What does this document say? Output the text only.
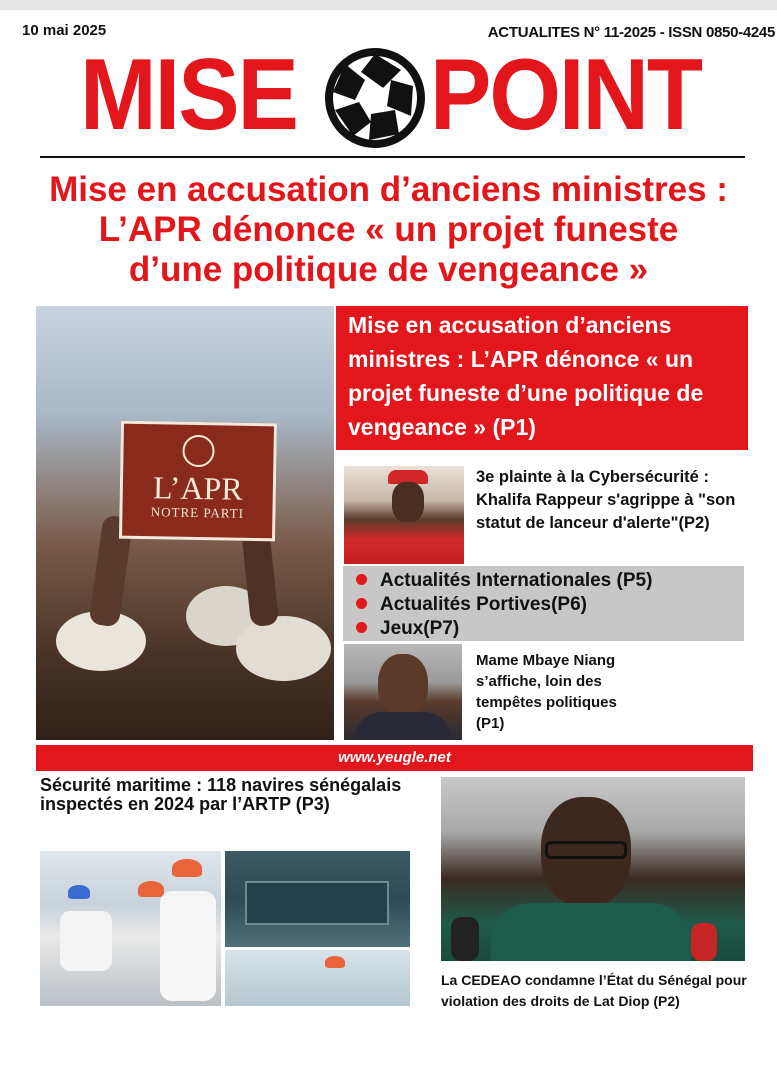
10 mai 2025	ACTUALITES N° 11-2025 - ISSN 0850-4245
MISE POINT
Mise en accusation d’anciens ministres :
L’APR dénonce « un projet funeste
d’une politique de vengeance »
L’APR
NOTRE PARTI
Mise en accusation d’anciens ministres : L’APR dénonce « un projet funeste d’une politique de vengeance » (P1)
3e plainte à la Cybersécurité : Khalifa Rappeur s'agrippe à "son statut de lanceur d'alerte"(P2)
Actualités Internationales (P5)
Actualités Portives(P6)
Jeux(P7)
Mame Mbaye Niang s’affiche, loin des tempêtes politiques (P1)
www.yeugle.net
Sécurité maritime : 118 navires sénégalais inspectés en 2024 par l’ARTP (P3)
La CEDEAO condamne l’État du Sénégal pour violation des droits de Lat Diop (P2)
